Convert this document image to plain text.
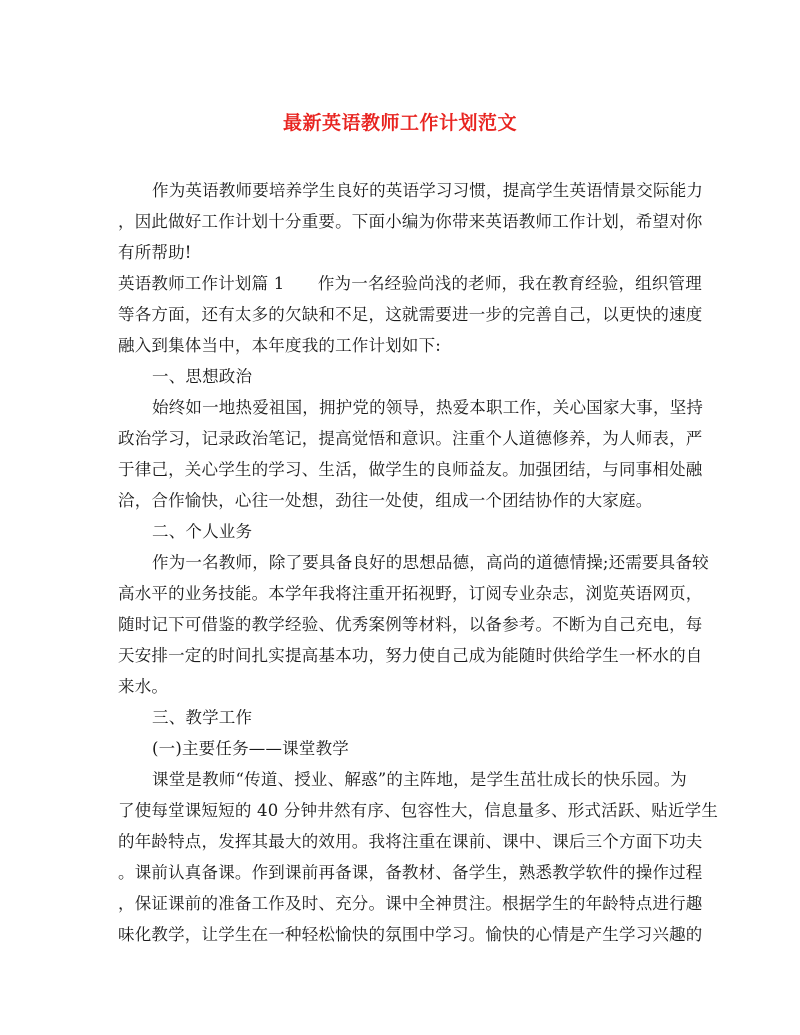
最新英语教师工作计划范文
作为英语教师要培养学生良好的英语学习习惯，提高学生英语情景交际能力
，因此做好工作计划十分重要。下面小编为你带来英语教师工作计划，希望对你
有所帮助!
英语教师工作计划篇 1　　作为一名经验尚浅的老师，我在教育经验，组织管理
等各方面，还有太多的欠缺和不足，这就需要进一步的完善自己，以更快的速度
融入到集体当中，本年度我的工作计划如下:
一、思想政治
始终如一地热爱祖国，拥护党的领导，热爱本职工作，关心国家大事，坚持
政治学习，记录政治笔记，提高觉悟和意识。注重个人道德修养，为人师表，严
于律己，关心学生的学习、生活，做学生的良师益友。加强团结，与同事相处融
洽，合作愉快，心往一处想，劲往一处使，组成一个团结协作的大家庭。
二、个人业务
作为一名教师，除了要具备良好的思想品德，高尚的道德情操;还需要具备较
高水平的业务技能。本学年我将注重开拓视野，订阅专业杂志，浏览英语网页，
随时记下可借鉴的教学经验、优秀案例等材料，以备参考。不断为自己充电，每
天安排一定的时间扎实提高基本功，努力使自己成为能随时供给学生一杯水的自
来水。
三、教学工作
(一)主要任务——课堂教学
课堂是教师“传道、授业、解惑”的主阵地，是学生茁壮成长的快乐园。为
了使每堂课短短的 40 分钟井然有序、包容性大，信息量多、形式活跃、贴近学生
的年龄特点，发挥其最大的效用。我将注重在课前、课中、课后三个方面下功夫
。课前认真备课。作到课前再备课，备教材、备学生，熟悉教学软件的操作过程
，保证课前的准备工作及时、充分。课中全神贯注。根据学生的年龄特点进行趣
味化教学，让学生在一种轻松愉快的氛围中学习。愉快的心情是产生学习兴趣的
